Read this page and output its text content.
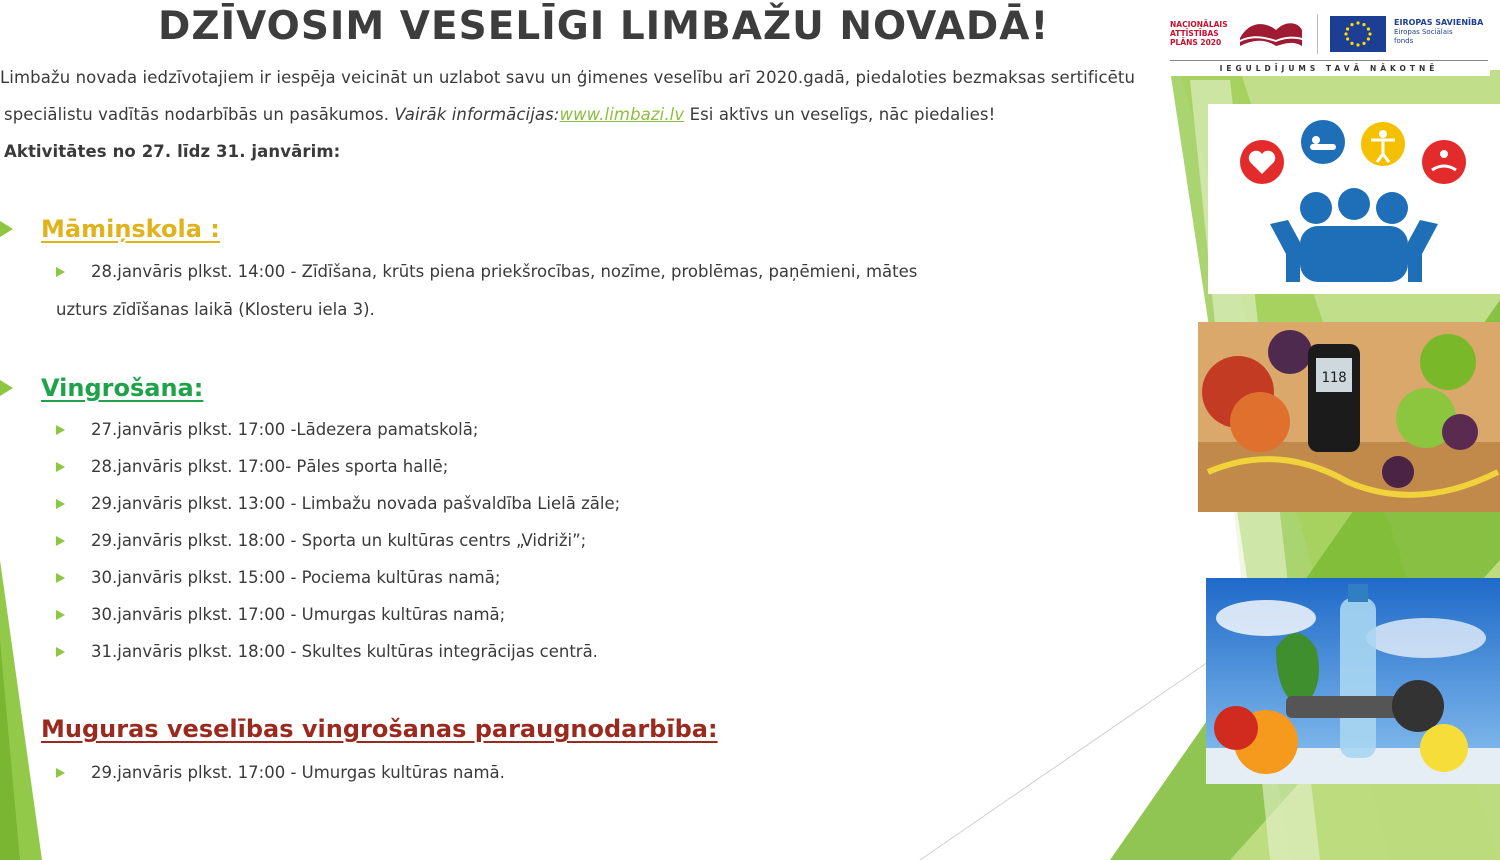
DZĪVOSIM VESELĪGI LIMBAŽU NOVADĀ!
Limbažu novada iedzīvotajiem ir iespēja veicināt un uzlabot savu un ģimenes veselību arī 2020.gadā, piedaloties bezmaksas sertificētu
speciālistu vadītās nodarbībās un pasākumos. Vairāk informācijas:www.limbazi.lv Esi aktīvs un veselīgs, nāc piedalies!
Aktivitātes no 27. līdz 31. janvārim:
Māmiņskola :
28.janvāris plkst. 14:00 - Zīdīšana, krūts piena priekšrocības, nozīme, problēmas, paņēmieni, mātes
uzturs zīdīšanas laikā (Klosteru iela 3).
Vingrošana:
27.janvāris plkst. 17:00 -Lādezera pamatskolā;
28.janvāris plkst. 17:00- Pāles sporta hallē;
29.janvāris plkst. 13:00 - Limbažu novada pašvaldība Lielā zāle;
29.janvāris plkst. 18:00 - Sporta un kultūras centrs „Vidriži”;
30.janvāris plkst. 15:00 - Pociema kultūras namā;
30.janvāris plkst. 17:00 - Umurgas kultūras namā;
31.janvāris plkst. 18:00 - Skultes kultūras integrācijas centrā.
Muguras veselības vingrošanas paraugnodarbība:
29.janvāris plkst. 17:00 - Umurgas kultūras namā.
NACIONĀLAIS
ATTĪSTĪBAS
PLĀNS 2020
EIROPAS SAVIENĪBA
Eiropas Sociālais
fonds
IEGULDĪJUMS TAVĀ NĀKOTNĒ
118
